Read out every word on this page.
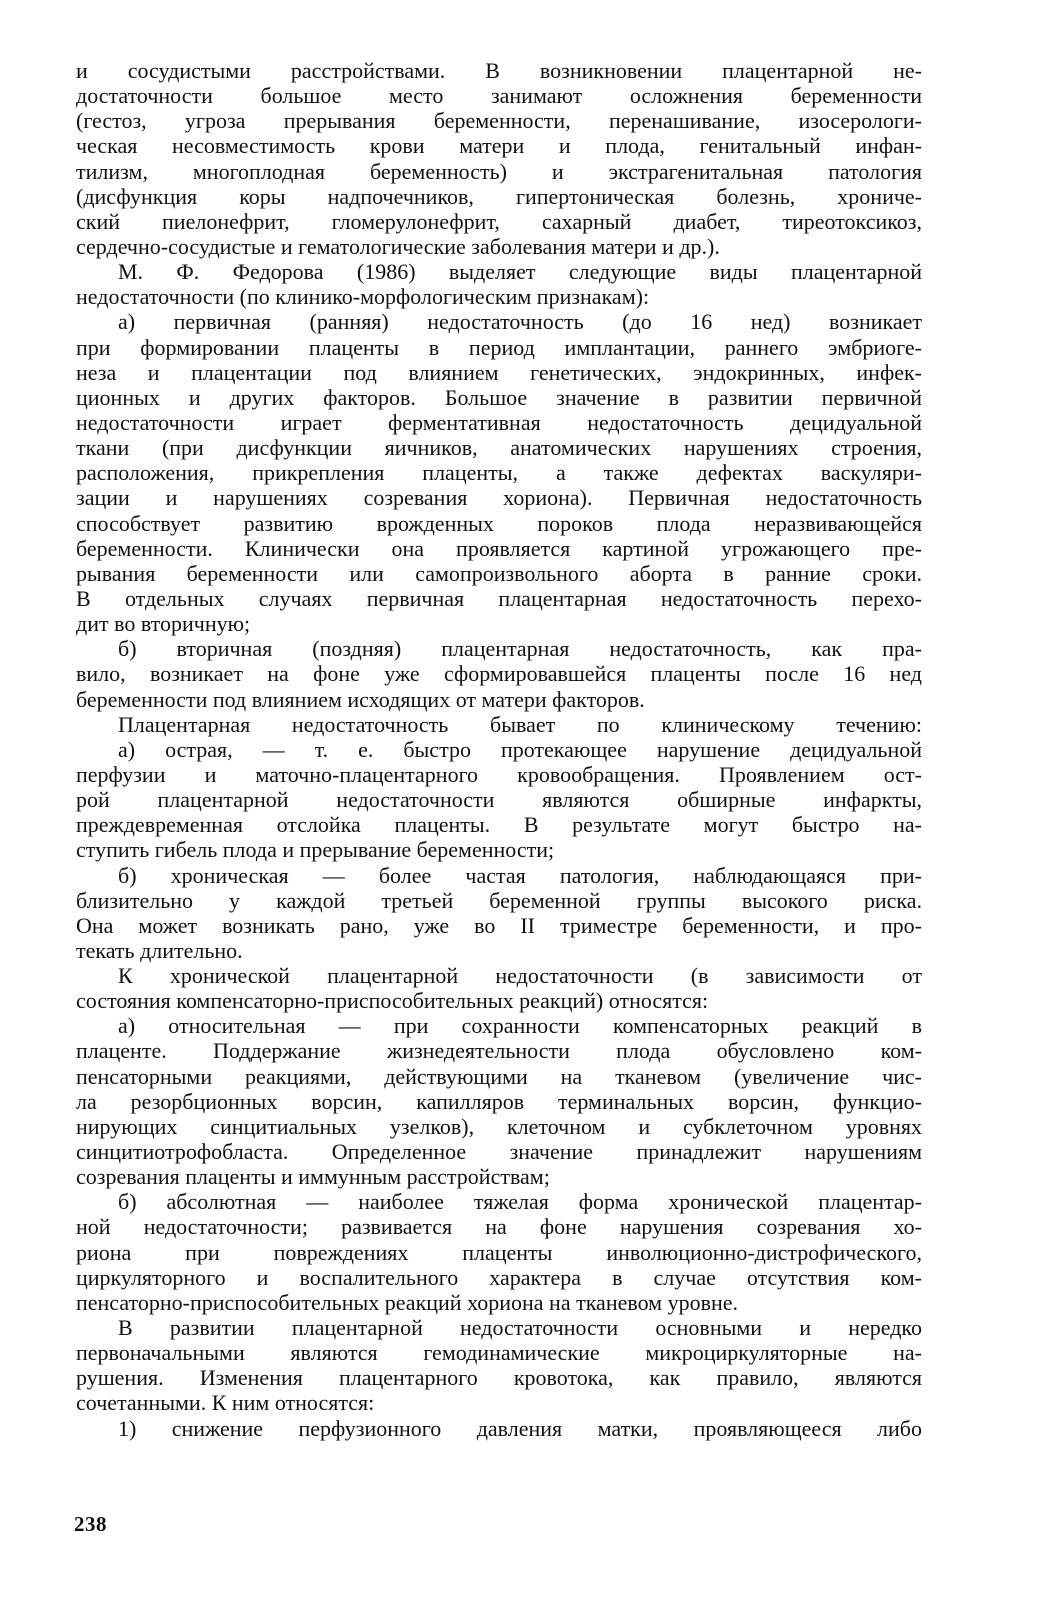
и сосудистыми расстройствами. В возникновении плацентарной не-
достаточности большое место занимают осложнения беременности
(гестоз, угроза прерывания беременности, перенашивание, изосерологи-
ческая несовместимость крови матери и плода, генитальный инфан-
тилизм, многоплодная беременность) и экстрагенитальная патология
(дисфункция коры надпочечников, гипертоническая болезнь, хрониче-
ский пиелонефрит, гломерулонефрит, сахарный диабет, тиреотоксикоз,
сердечно-сосудистые и гематологические заболевания матери и др.).
М. Ф. Федорова (1986) выделяет следующие виды плацентарной
недостаточности (по клинико-морфологическим признакам):
а) первичная (ранняя) недостаточность (до 16 нед) возникает
при формировании плаценты в период имплантации, раннего эмбриоге-
неза и плацентации под влиянием генетических, эндокринных, инфек-
ционных и других факторов. Большое значение в развитии первичной
недостаточности играет ферментативная недостаточность децидуальной
ткани (при дисфункции яичников, анатомических нарушениях строения,
расположения, прикрепления плаценты, а также дефектах васкуляри-
зации и нарушениях созревания хориона). Первичная недостаточность
способствует развитию врожденных пороков плода неразвивающейся
беременности. Клинически она проявляется картиной угрожающего пре-
рывания беременности или самопроизвольного аборта в ранние сроки.
В отдельных случаях первичная плацентарная недостаточность перехо-
дит во вторичную;
б) вторичная (поздняя) плацентарная недостаточность, как пра-
вило, возникает на фоне уже сформировавшейся плаценты после 16 нед
беременности под влиянием исходящих от матери факторов.
Плацентарная недостаточность бывает по клиническому течению:
а) острая, — т. е. быстро протекающее нарушение децидуальной
перфузии и маточно-плацентарного кровообращения. Проявлением ост-
рой плацентарной недостаточности являются обширные инфаркты,
преждевременная отслойка плаценты. В результате могут быстро на-
ступить гибель плода и прерывание беременности;
б) хроническая — более частая патология, наблюдающаяся при-
близительно у каждой третьей беременной группы высокого риска.
Она может возникать рано, уже во II триместре беременности, и про-
текать длительно.
К хронической плацентарной недостаточности (в зависимости от
состояния компенсаторно-приспособительных реакций) относятся:
а) относительная — при сохранности компенсаторных реакций в
плаценте. Поддержание жизнедеятельности плода обусловлено ком-
пенсаторными реакциями, действующими на тканевом (увеличение чис-
ла резорбционных ворсин, капилляров терминальных ворсин, функцио-
нирующих синцитиальных узелков), клеточном и субклеточном уровнях
синцитиотрофобласта. Определенное значение принадлежит нарушениям
созревания плаценты и иммунным расстройствам;
б) абсолютная — наиболее тяжелая форма хронической плацентар-
ной недостаточности; развивается на фоне нарушения созревания хо-
риона при повреждениях плаценты инволюционно-дистрофического,
циркуляторного и воспалительного характера в случае отсутствия ком-
пенсаторно-приспособительных реакций хориона на тканевом уровне.
В развитии плацентарной недостаточности основными и нередко
первоначальными являются гемодинамические микроциркуляторные на-
рушения. Изменения плацентарного кровотока, как правило, являются
сочетанными. К ним относятся:
1) снижение перфузионного давления матки, проявляющееся либо
238
